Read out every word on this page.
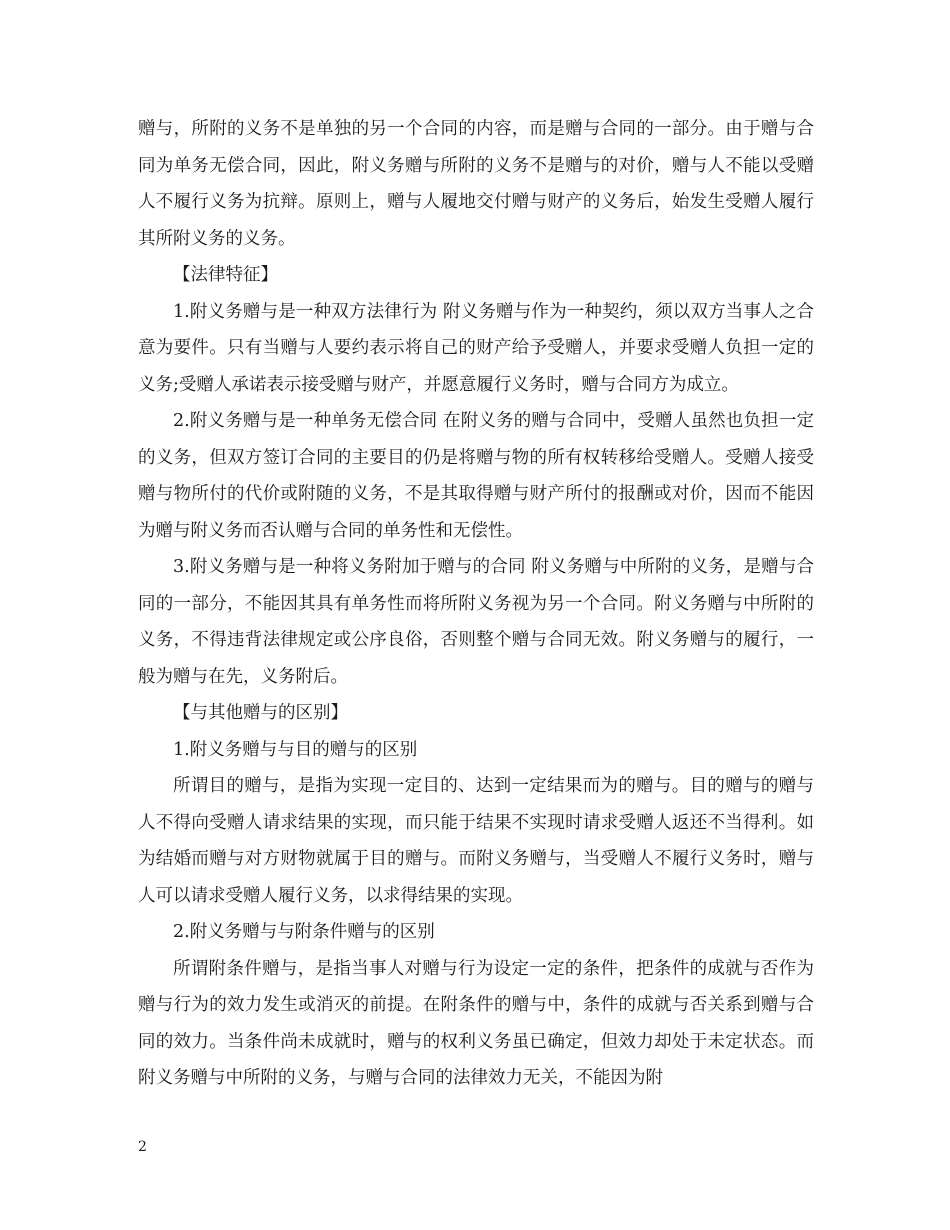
赠与，所附的义务不是单独的另一个合同的内容，而是赠与合同的一部分。由于赠与合同为单务无偿合同，因此，附义务赠与所附的义务不是赠与的对价，赠与人不能以受赠人不履行义务为抗辩。原则上，赠与人履地交付赠与财产的义务后，始发生受赠人履行其所附义务的义务。

【法律特征】

1.附义务赠与是一种双方法律行为 附义务赠与作为一种契约，须以双方当事人之合意为要件。只有当赠与人要约表示将自己的财产给予受赠人，并要求受赠人负担一定的义务;受赠人承诺表示接受赠与财产，并愿意履行义务时，赠与合同方为成立。

2.附义务赠与是一种单务无偿合同 在附义务的赠与合同中，受赠人虽然也负担一定的义务，但双方签订合同的主要目的仍是将赠与物的所有权转移给受赠人。受赠人接受赠与物所付的代价或附随的义务，不是其取得赠与财产所付的报酬或对价，因而不能因为赠与附义务而否认赠与合同的单务性和无偿性。

3.附义务赠与是一种将义务附加于赠与的合同 附义务赠与中所附的义务，是赠与合同的一部分，不能因其具有单务性而将所附义务视为另一个合同。附义务赠与中所附的义务，不得违背法律规定或公序良俗，否则整个赠与合同无效。附义务赠与的履行，一般为赠与在先，义务附后。

【与其他赠与的区别】

1.附义务赠与与目的赠与的区别

所谓目的赠与，是指为实现一定目的、达到一定结果而为的赠与。目的赠与的赠与人不得向受赠人请求结果的实现，而只能于结果不实现时请求受赠人返还不当得利。如为结婚而赠与对方财物就属于目的赠与。而附义务赠与，当受赠人不履行义务时，赠与人可以请求受赠人履行义务，以求得结果的实现。

2.附义务赠与与附条件赠与的区别

所谓附条件赠与，是指当事人对赠与行为设定一定的条件，把条件的成就与否作为赠与行为的效力发生或消灭的前提。在附条件的赠与中，条件的成就与否关系到赠与合同的效力。当条件尚未成就时，赠与的权利义务虽已确定，但效力却处于未定状态。而附义务赠与中所附的义务，与赠与合同的法律效力无关，不能因为附

2
